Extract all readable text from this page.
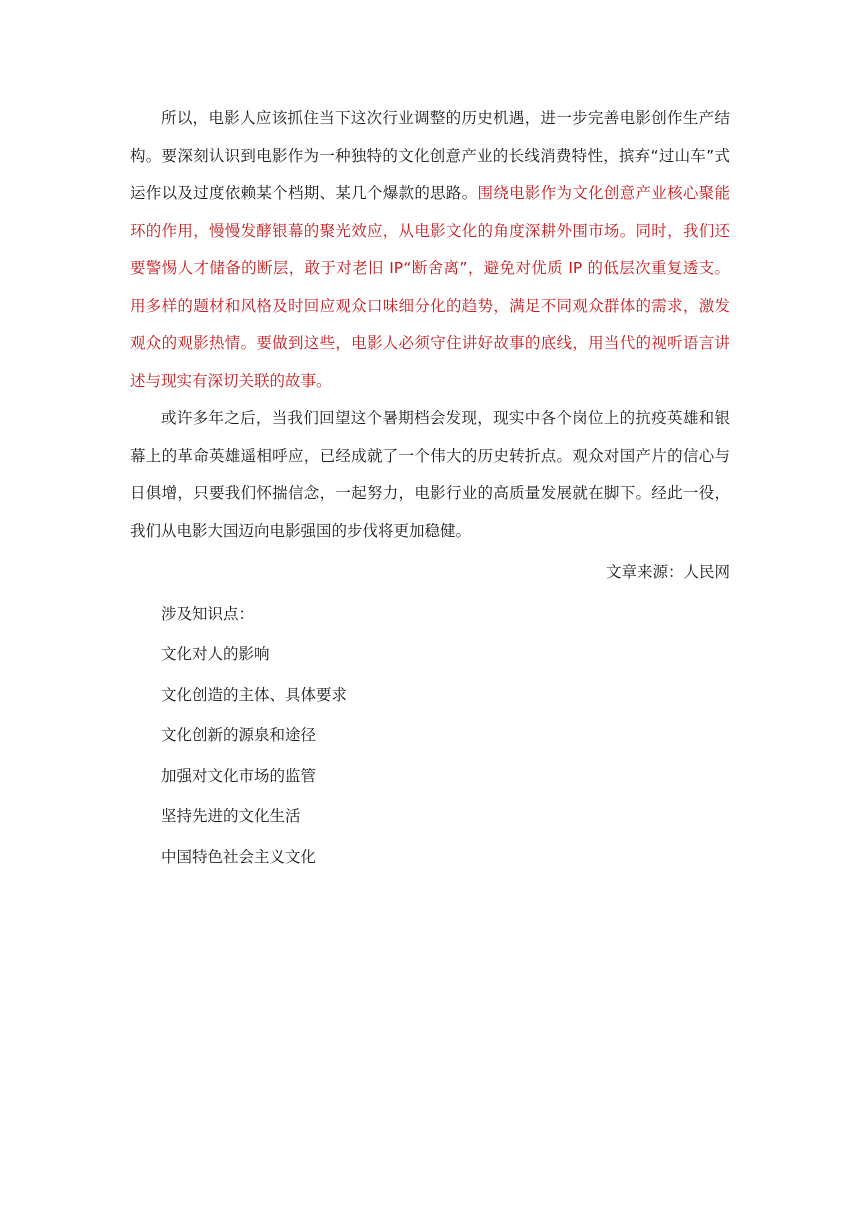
所以，电影人应该抓住当下这次行业调整的历史机遇，进一步完善电影创作生产结构。要深刻认识到电影作为一种独特的文化创意产业的长线消费特性，摈弃“过山车”式运作以及过度依赖某个档期、某几个爆款的思路。围绕电影作为文化创意产业核心聚能环的作用，慢慢发酵银幕的聚光效应，从电影文化的角度深耕外围市场。同时，我们还要警惕人才储备的断层，敢于对老旧 IP“断舍离”，避免对优质 IP 的低层次重复透支。用多样的题材和风格及时回应观众口味细分化的趋势，满足不同观众群体的需求，激发观众的观影热情。要做到这些，电影人必须守住讲好故事的底线，用当代的视听语言讲述与现实有深切关联的故事。

或许多年之后，当我们回望这个暑期档会发现，现实中各个岗位上的抗疫英雄和银幕上的革命英雄遥相呼应，已经成就了一个伟大的历史转折点。观众对国产片的信心与日俱增，只要我们怀揣信念，一起努力，电影行业的高质量发展就在脚下。经此一役，我们从电影大国迈向电影强国的步伐将更加稳健。

文章来源：人民网

涉及知识点：

文化对人的影响
文化创造的主体、具体要求
文化创新的源泉和途径
加强对文化市场的监管
坚持先进的文化生活
中国特色社会主义文化
